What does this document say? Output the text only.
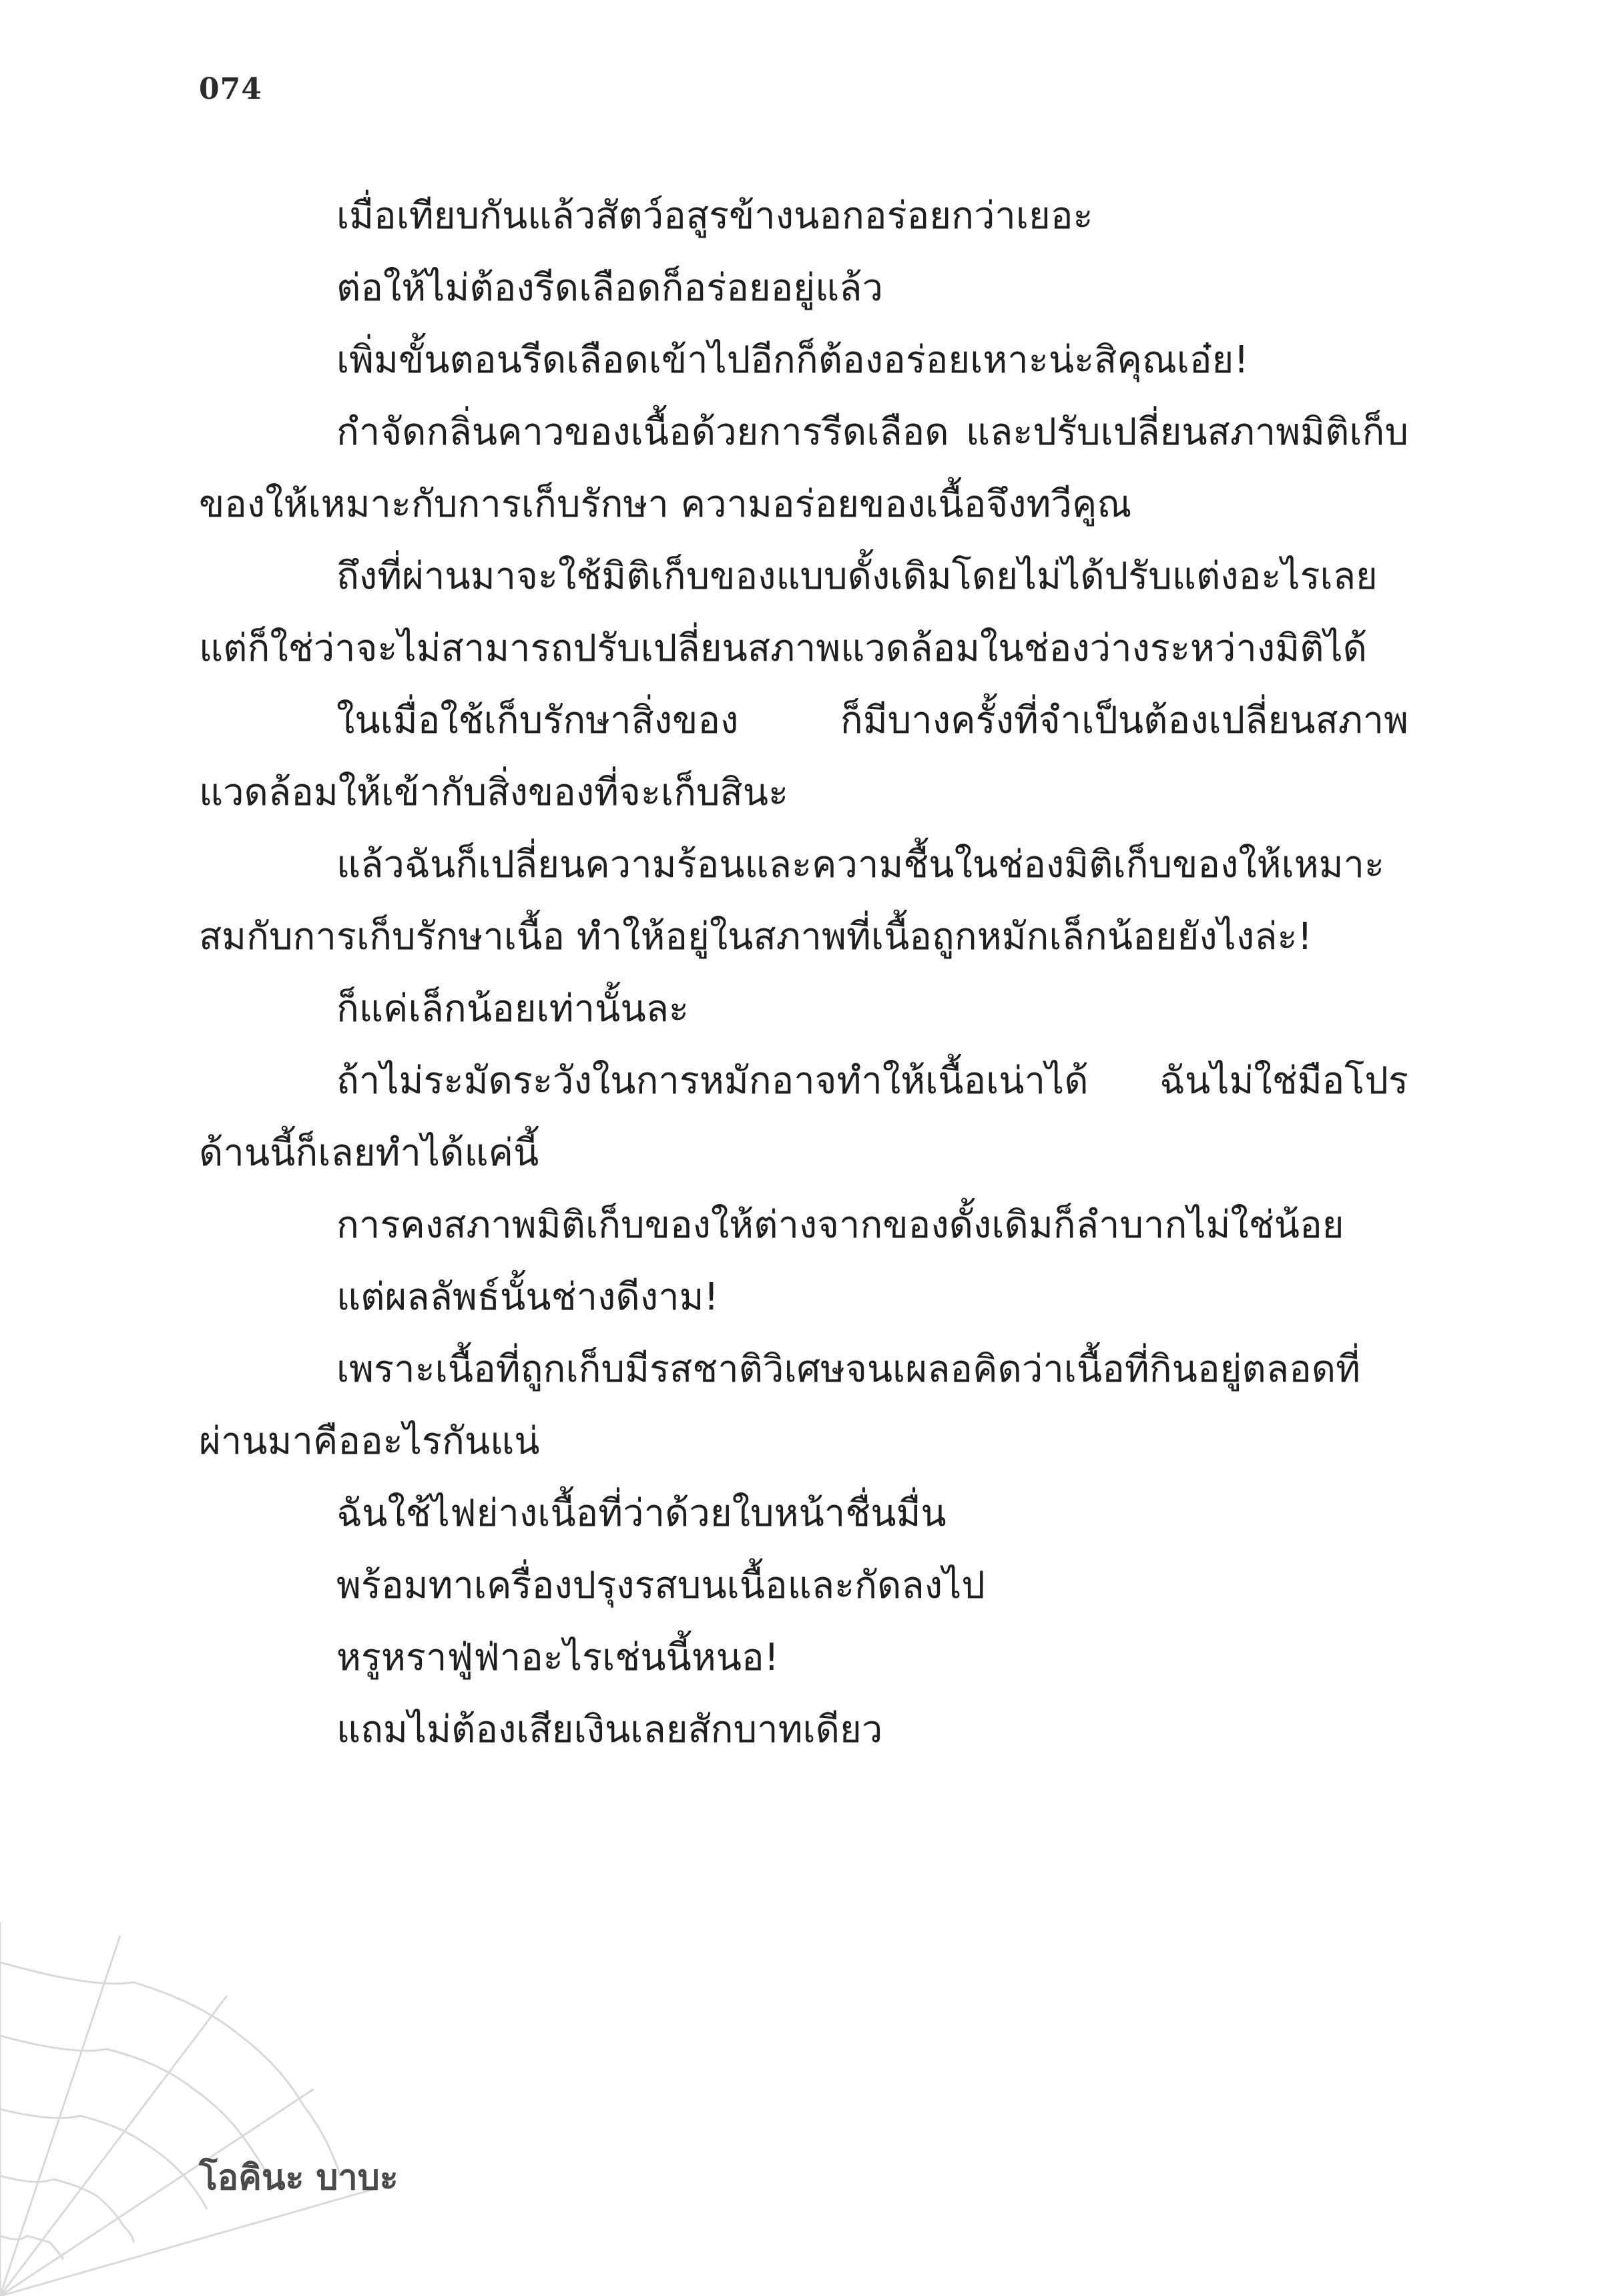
074

เมื่อเทียบกันแล้วสัตว์อสูรข้างนอกอร่อยกว่าเยอะ

ต่อให้ไม่ต้องรีดเลือดก็อร่อยอยู่แล้ว

เพิ่มขั้นตอนรีดเลือดเข้าไปอีกก็ต้องอร่อยเหาะน่ะสิคุณเอ๋ย!

กำจัดกลิ่นคาวของเนื้อด้วยการรีดเลือด และปรับเปลี่ยนสภาพมิติเก็บของให้เหมาะกับการเก็บรักษา ความอร่อยของเนื้อจึงทวีคูณ

ถึงที่ผ่านมาจะใช้มิติเก็บของแบบดั้งเดิมโดยไม่ได้ปรับแต่งอะไรเลย แต่ก็ใช่ว่าจะไม่สามารถปรับเปลี่ยนสภาพแวดล้อมในช่องว่างระหว่างมิติได้

ในเมื่อใช้เก็บรักษาสิ่งของ ก็มีบางครั้งที่จำเป็นต้องเปลี่ยนสภาพแวดล้อมให้เข้ากับสิ่งของที่จะเก็บสินะ

แล้วฉันก็เปลี่ยนความร้อนและความชื้นในช่องมิติเก็บของให้เหมาะสมกับการเก็บรักษาเนื้อ ทำให้อยู่ในสภาพที่เนื้อถูกหมักเล็กน้อยยังไงล่ะ!

ก็แค่เล็กน้อยเท่านั้นละ

ถ้าไม่ระมัดระวังในการหมักอาจทำให้เนื้อเน่าได้ ฉันไม่ใช่มือโปรด้านนี้ก็เลยทำได้แค่นี้

การคงสภาพมิติเก็บของให้ต่างจากของดั้งเดิมก็ลำบากไม่ใช่น้อย

แต่ผลลัพธ์นั้นช่างดีงาม!

เพราะเนื้อที่ถูกเก็บมีรสชาติวิเศษจนเผลอคิดว่าเนื้อที่กินอยู่ตลอดที่ผ่านมาคืออะไรกันแน่

ฉันใช้ไฟย่างเนื้อที่ว่าด้วยใบหน้าชื่นมื่น

พร้อมทาเครื่องปรุงรสบนเนื้อและกัดลงไป

หรูหราฟู่ฟ่าอะไรเช่นนี้หนอ!

แถมไม่ต้องเสียเงินเลยสักบาทเดียว

โอคินะ บาบะ
